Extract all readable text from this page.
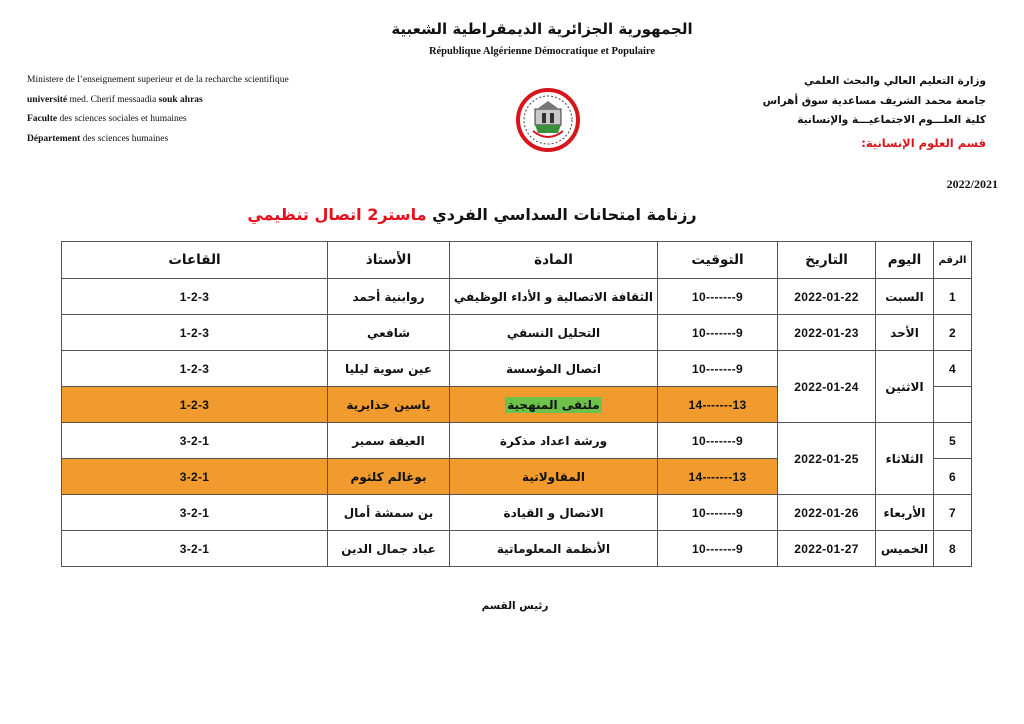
الجمهورية الجزائرية الديمقراطية الشعبية
République Algérienne Démocratique et Populaire
Ministere de l’enseignement superieur et de la recharche scientifique
université med. Cherif messaadia souk ahras
Faculte des sciences sociales et humaines
Département des sciences humaines
وزارة التعليم العالي والبحث العلمي
جامعة محمد الشريف مساعدية سوق أهراس
كلية العلـــوم الاجتماعيـــة والإنسانية
قسم العلوم الإنسانية:
2022/2021
رزنامة امتحانات السداسي الفردي ماستر2 اتصال تنظيمي
الرقم	اليوم	التاريخ	التوقيت	المادة	الأستاذ	القاعات
1	السبت	2022-01-22	9-------10	الثقافة الاتصالية و الأداء الوظيفي	روابنية أحمد	1-2-3
2	الأحد	2022-01-23	9-------10	التحليل النسقي	شافعي	1-2-3
4	الاثنين	2022-01-24	9-------10	اتصال المؤسسة	عين سوية ليليا	1-2-3
			13-------14	ملتقى المنهجية	ياسين خذايرية	1-2-3
5	الثلاثاء	2022-01-25	9-------10	ورشة اعداد مذكرة	العيفة سمير	3-2-1
6			13-------14	المقاولاتية	بوغالم كلثوم	3-2-1
7	الأربعاء	2022-01-26	9-------10	الاتصال و القيادة	بن سمشة أمال	3-2-1
8	الخميس	2022-01-27	9-------10	الأنظمة المعلوماتية	عباد جمال الدين	3-2-1
رئيس القسم
